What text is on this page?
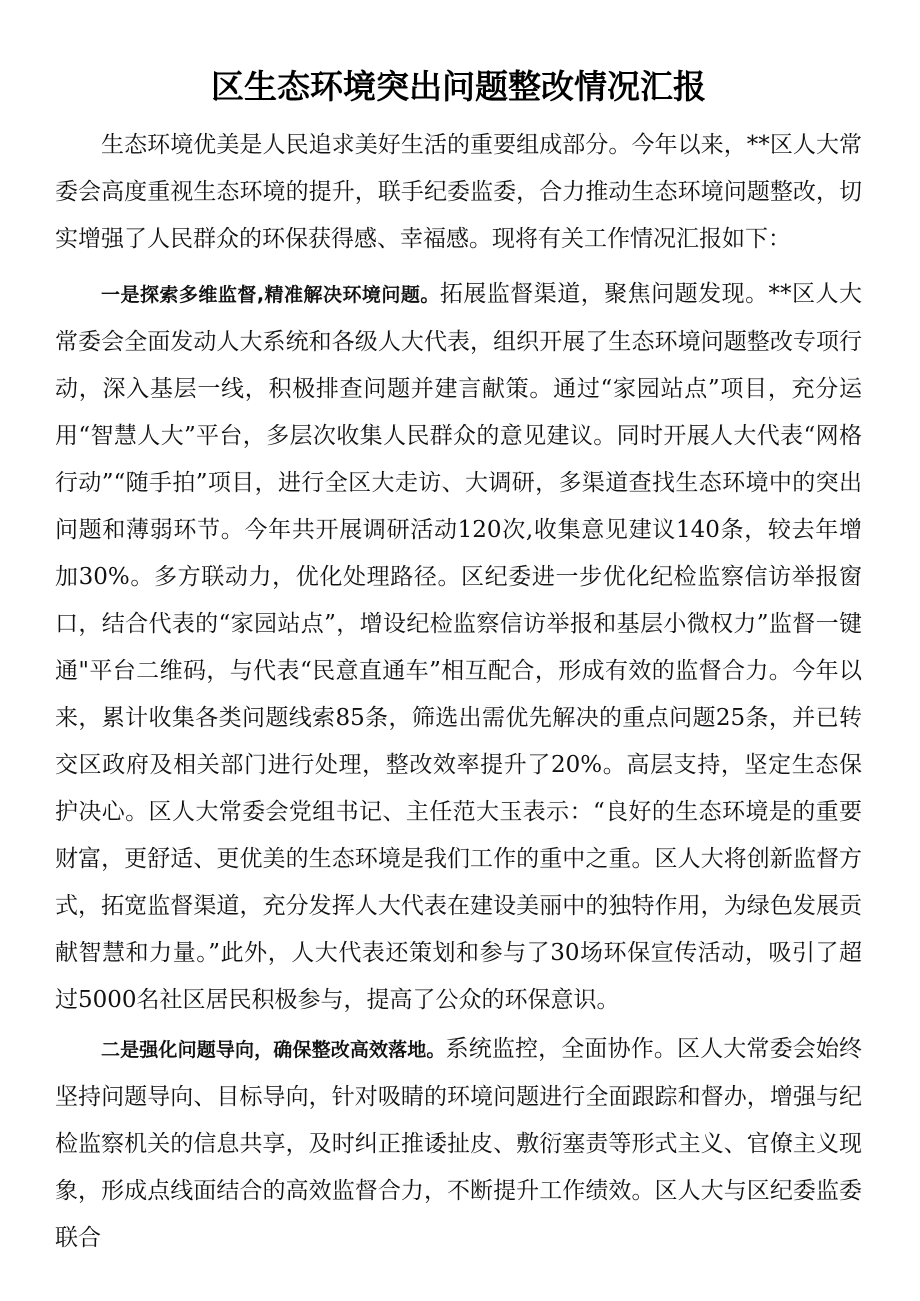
区生态环境突出问题整改情况汇报

生态环境优美是人民追求美好生活的重要组成部分。今年以来，**区人大常委会高度重视生态环境的提升，联手纪委监委，合力推动生态环境问题整改，切实增强了人民群众的环保获得感、幸福感。现将有关工作情况汇报如下：

一是探索多维监督,精准解决环境问题。拓展监督渠道，聚焦问题发现。**区人大常委会全面发动人大系统和各级人大代表，组织开展了生态环境问题整改专项行动，深入基层一线，积极排查问题并建言献策。通过“家园站点”项目，充分运用“智慧人大”平台，多层次收集人民群众的意见建议。同时开展人大代表“网格行动”“随手拍”项目，进行全区大走访、大调研，多渠道查找生态环境中的突出问题和薄弱环节。今年共开展调研活动120次,收集意见建议140条，较去年增加30%。多方联动力，优化处理路径。区纪委进一步优化纪检监察信访举报窗口，结合代表的“家园站点”，增设纪检监察信访举报和基层小微权力”监督一键通"平台二维码，与代表“民意直通车”相互配合，形成有效的监督合力。今年以来，累计收集各类问题线索85条，筛选出需优先解决的重点问题25条，并已转交区政府及相关部门进行处理，整改效率提升了20%。高层支持，坚定生态保护决心。区人大常委会党组书记、主任范大玉表示：“良好的生态环境是的重要财富，更舒适、更优美的生态环境是我们工作的重中之重。区人大将创新监督方式，拓宽监督渠道，充分发挥人大代表在建设美丽中的独特作用，为绿色发展贡献智慧和力量。”此外，人大代表还策划和参与了30场环保宣传活动，吸引了超过5000名社区居民积极参与，提高了公众的环保意识。

二是强化问题导向，确保整改高效落地。系统监控，全面协作。区人大常委会始终坚持问题导向、目标导向，针对吸睛的环境问题进行全面跟踪和督办，增强与纪检监察机关的信息共享，及时纠正推诿扯皮、敷衍塞责等形式主义、官僚主义现象，形成点线面结合的高效监督合力，不断提升工作绩效。区人大与区纪委监委联合
